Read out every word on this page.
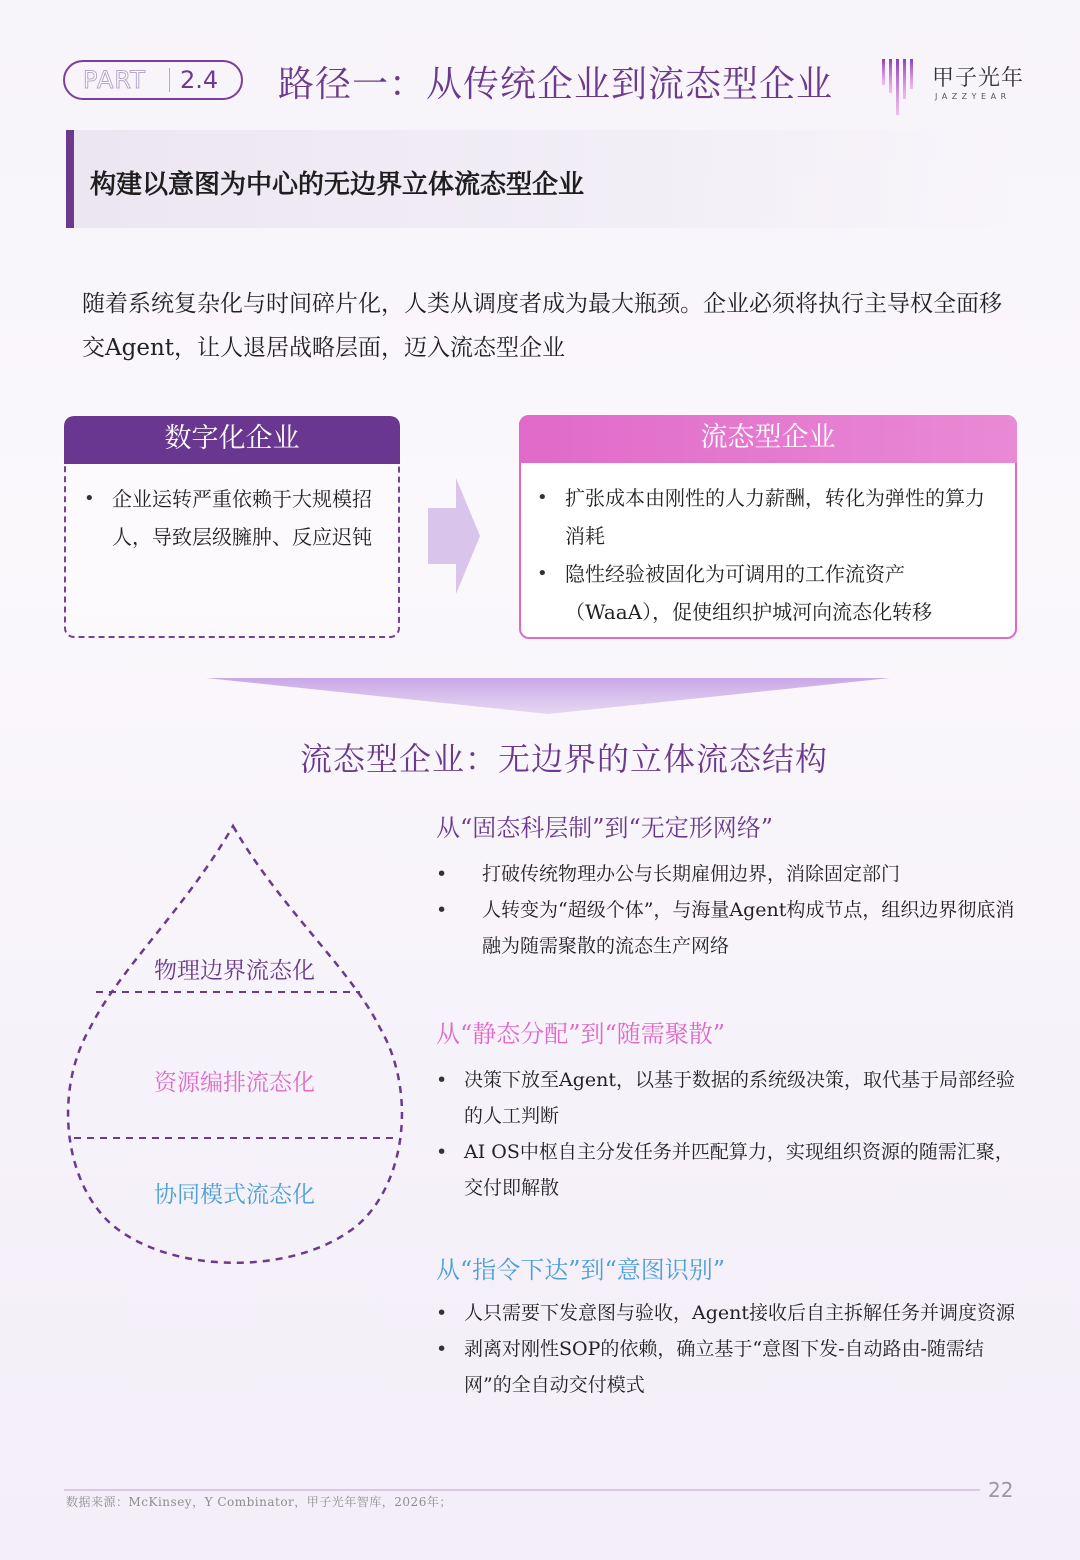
PART	2.4 路径一：从传统企业到流态型企业	甲子光年
JAZZYEAR
构建以意图为中心的无边界立体流态型企业
随着系统复杂化与时间碎片化，人类从调度者成为最大瓶颈。企业必须将执行主导权全面移交Agent，让人退居战略层面，迈入流态型企业
数字化企业
• 企业运转严重依赖于大规模招人，导致层级臃肿、反应迟钝
流态型企业
• 扩张成本由刚性的人力薪酬，转化为弹性的算力消耗
• 隐性经验被固化为可调用的工作流资产（WaaA），促使组织护城河向流态化转移
流态型企业：无边界的立体流态结构
物理边界流态化
资源编排流态化
协同模式流态化
从“固态科层制”到“无定形网络”
• 打破传统物理办公与长期雇佣边界，消除固定部门
• 人转变为“超级个体”，与海量Agent构成节点，组织边界彻底消融为随需聚散的流态生产网络
从“静态分配”到“随需聚散”
• 决策下放至Agent，以基于数据的系统级决策，取代基于局部经验的人工判断
• AI OS中枢自主分发任务并匹配算力，实现组织资源的随需汇聚，交付即解散
从“指令下达”到“意图识别”
• 人只需要下发意图与验收，Agent接收后自主拆解任务并调度资源
• 剥离对刚性SOP的依赖，确立基于“意图下发-自动路由-随需结网”的全自动交付模式
22
数据来源：McKinsey，Y Combinator，甲子光年智库，2026年；
